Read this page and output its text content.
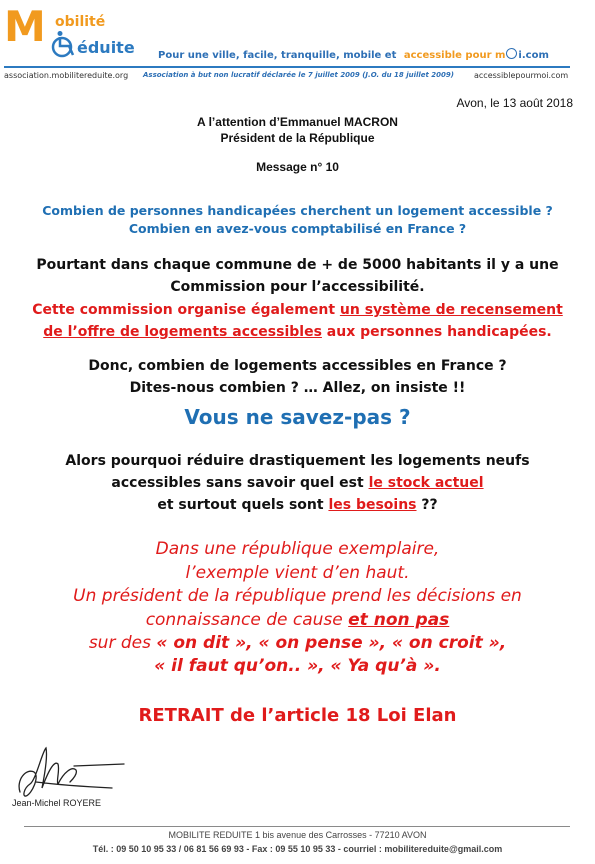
M obilité
éduite Pour une ville, facile, tranquille, mobile et accessible pour m i.com
association.mobilitereduite.org Association à but non lucratif déclarée le 7 juillet 2009 (J.O. du 18 juillet 2009)	accessiblepourmoi.com
Avon, le 13 août 2018
A l’attention d’Emmanuel MACRON
Président de la République
Message n° 10
Combien de personnes handicapées cherchent un logement accessible ?
Combien en avez-vous comptabilisé en France ?
Pourtant dans chaque commune de + de 5000 habitants il y a une
Commission pour l’accessibilité.
Cette commission organise également un système de recensement
de l’offre de logements accessibles aux personnes handicapées.
Donc, combien de logements accessibles en France ?
Dites-nous combien ? … Allez, on insiste !!
Vous ne savez-pas ?
Alors pourquoi réduire drastiquement les logements neufs
accessibles sans savoir quel est le stock actuel
et surtout quels sont les besoins ??
Dans une république exemplaire,
l’exemple vient d’en haut.
Un président de la république prend les décisions en
connaissance de cause et non pas
sur des « on dit », « on pense », « on croit »,
« il faut qu’on.. », « Ya qu’à ».
RETRAIT de l’article 18 Loi Elan
Jean-Michel ROYERE
MOBILITE REDUITE 1 bis avenue des Carrosses - 77210 AVON
Tél. : 09 50 10 95 33 / 06 81 56 69 93 - Fax : 09 55 10 95 33 - courriel : mobilitereduite@gmail.com
